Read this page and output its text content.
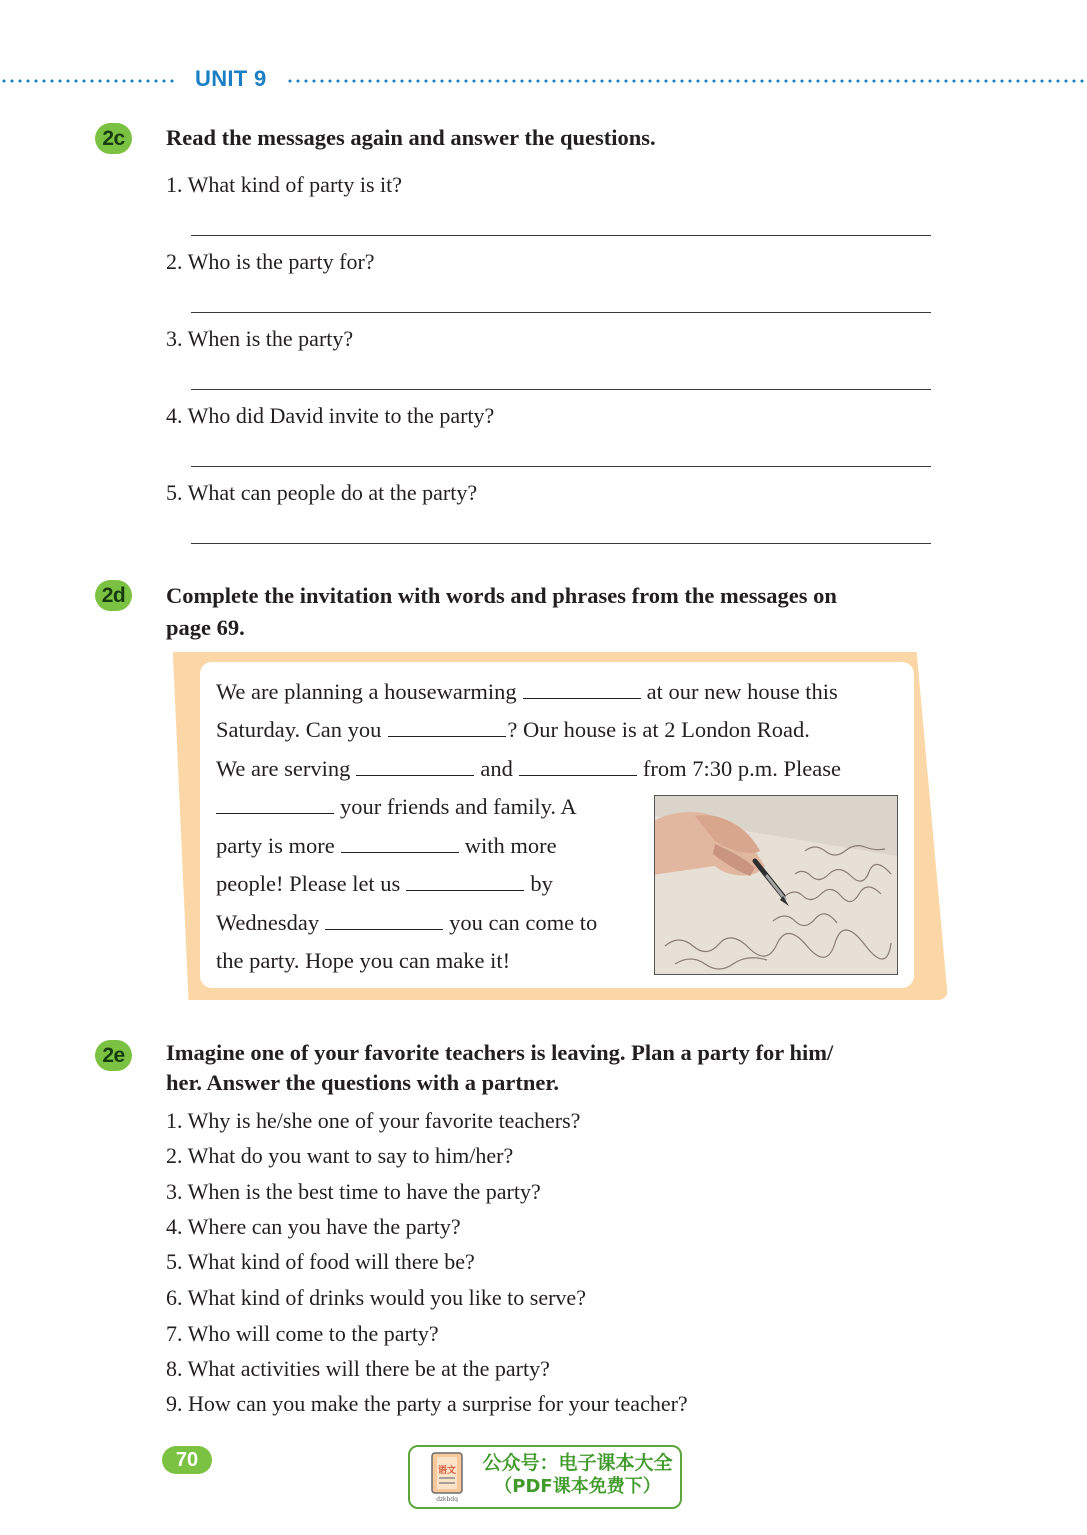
UNIT 9
2c	Read the messages again and answer the questions.
1. What kind of party is it?
2. Who is the party for?
3. When is the party?
4. Who did David invite to the party?
5. What can people do at the party?
2d	Complete the invitation with words and phrases from the messages on
page 69.
We are planning a housewarming	at our new house this
Saturday. Can you	? Our house is at 2 London Road.
We are serving	and	from 7:30 p.m. Please
your friends and family. A
party is more	with more
people! Please let us	by
Wednesday	you can come to
the party. Hope you can make it!
2e	Imagine one of your favorite teachers is leaving. Plan a party for him/
her. Answer the questions with a partner.
1. Why is he/she one of your favorite teachers?
2. What do you want to say to him/her?
3. When is the best time to have the party?
4. Where can you have the party?
5. What kind of food will there be?
6. What kind of drinks would you like to serve?
7. Who will come to the party?
8. What activities will there be at the party?
9. How can you make the party a surprise for your teacher?
70	语文
dzkbdq
公众号：电子课本大全
（PDF课本免费下）
